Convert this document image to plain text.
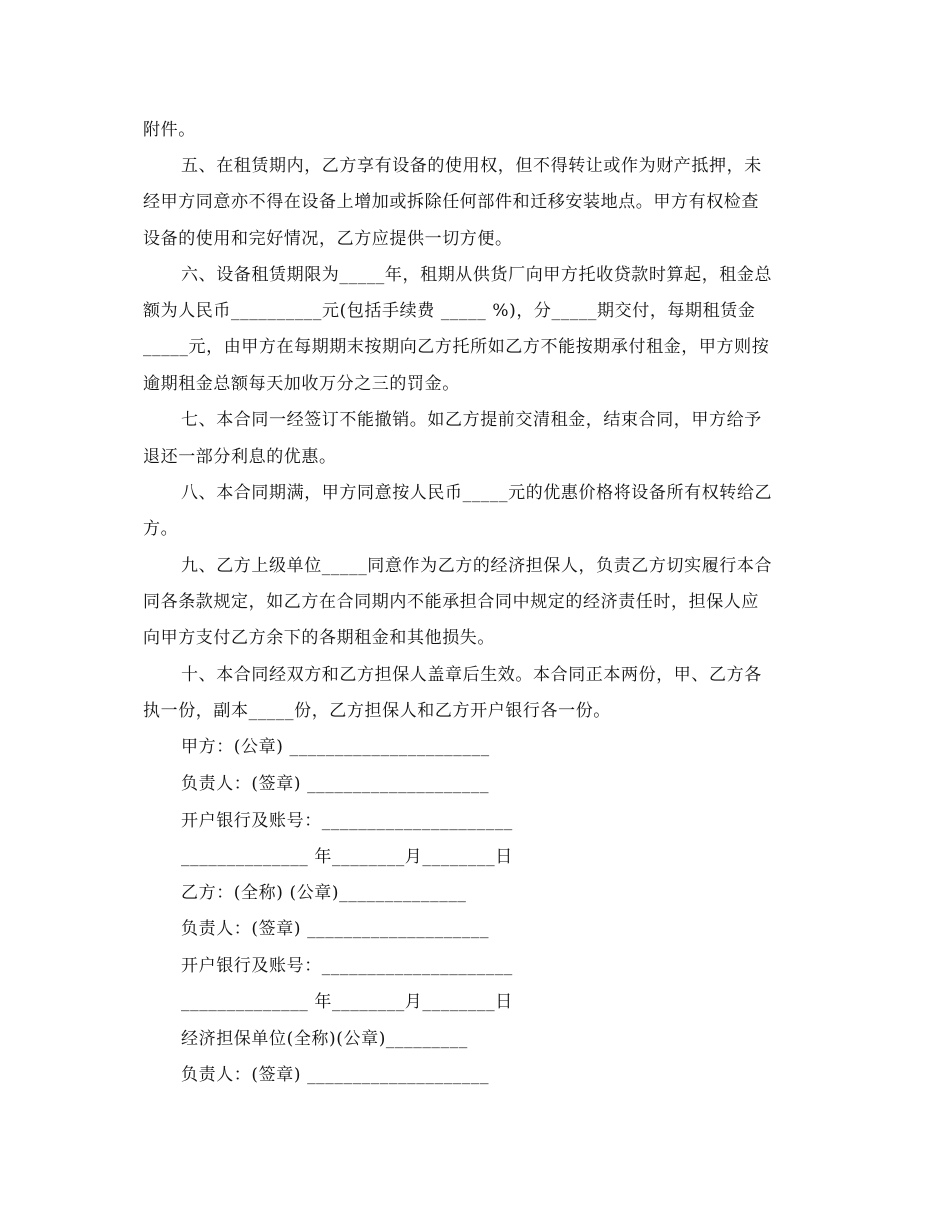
附件。
五、在租赁期内，乙方享有设备的使用权，但不得转让或作为财产抵押，未
经甲方同意亦不得在设备上增加或拆除任何部件和迁移安装地点。甲方有权检查
设备的使用和完好情况，乙方应提供一切方便。
六、设备租赁期限为_____年，租期从供货厂向甲方托收贷款时算起，租金总
额为人民币__________元(包括手续费 _____ %)，分_____期交付，每期租赁金
_____元，由甲方在每期期末按期向乙方托所如乙方不能按期承付租金，甲方则按
逾期租金总额每天加收万分之三的罚金。
七、本合同一经签订不能撤销。如乙方提前交清租金，结束合同，甲方给予
退还一部分利息的优惠。
八、本合同期满，甲方同意按人民币_____元的优惠价格将设备所有权转给乙
方。
九、乙方上级单位_____同意作为乙方的经济担保人，负责乙方切实履行本合
同各条款规定，如乙方在合同期内不能承担合同中规定的经济责任时，担保人应
向甲方支付乙方余下的各期租金和其他损失。
十、本合同经双方和乙方担保人盖章后生效。本合同正本两份，甲、乙方各
执一份，副本_____份，乙方担保人和乙方开户银行各一份。
甲方：(公章) ______________________
负责人：(签章) ____________________
开户银行及账号：_____________________
______________ 年________月________日
乙方：(全称) (公章)______________
负责人：(签章) ____________________
开户银行及账号：_____________________
______________ 年________月________日
经济担保单位(全称)(公章)_________
负责人：(签章) ____________________
